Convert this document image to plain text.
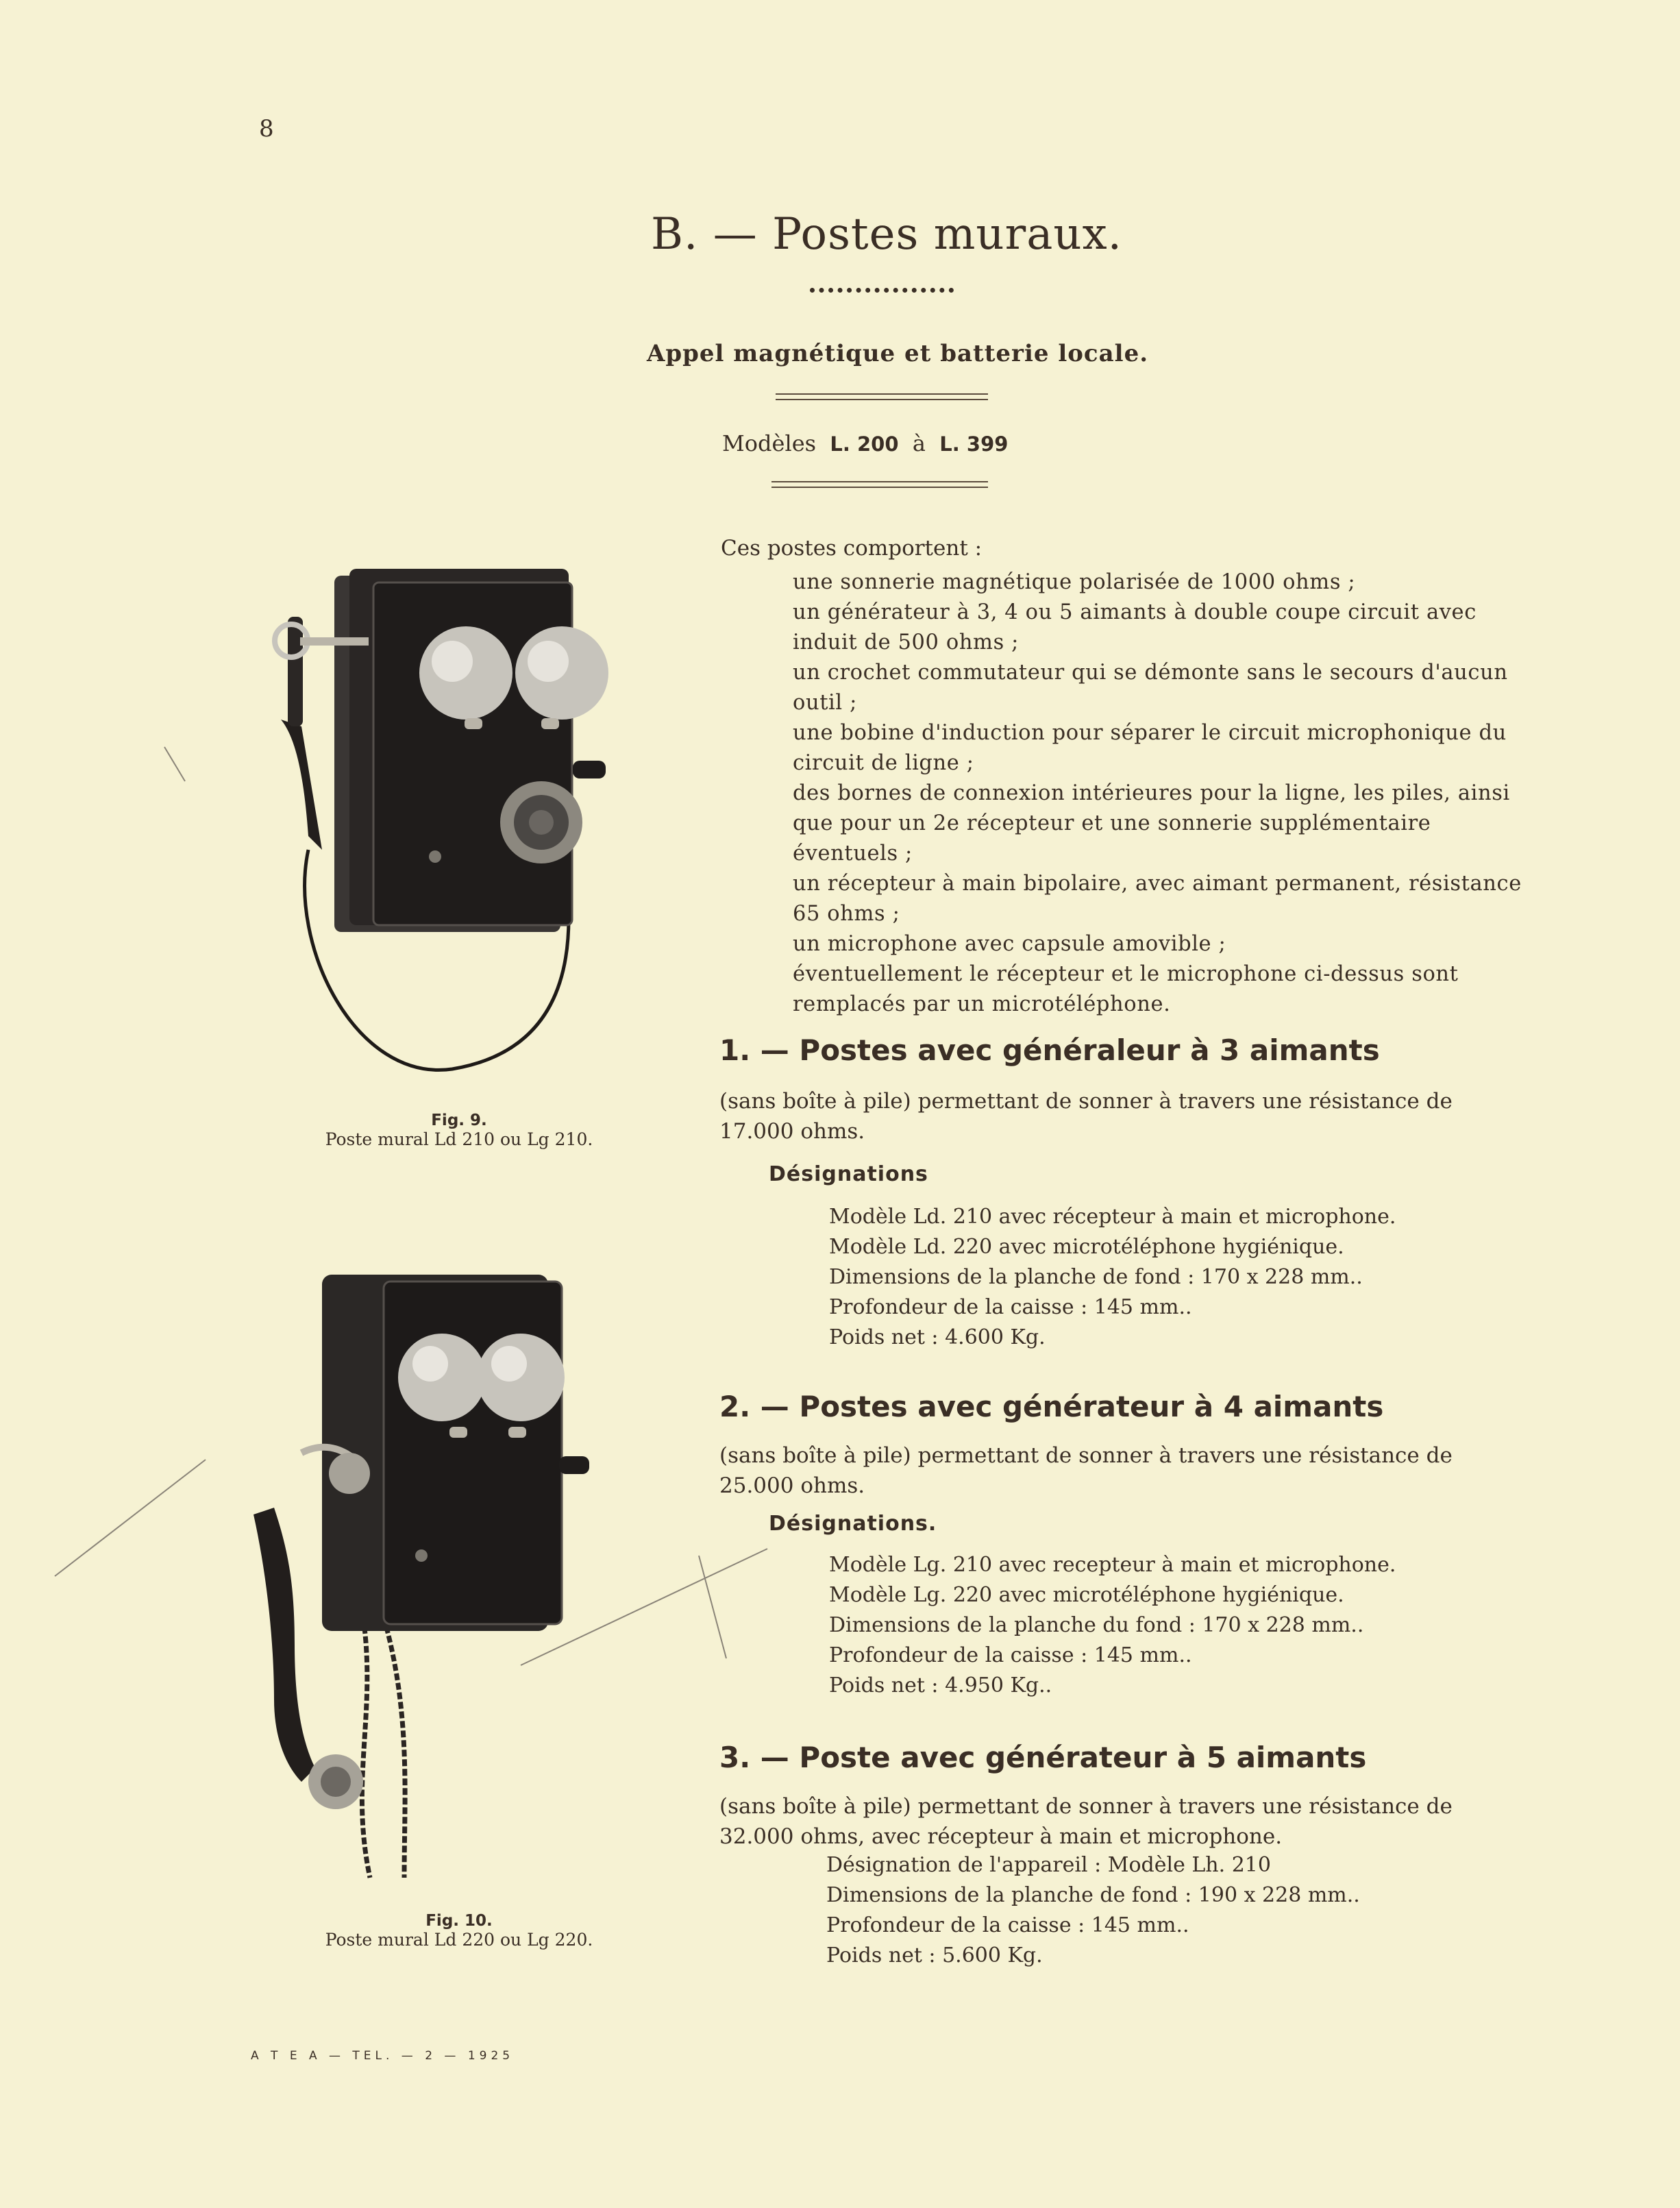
8
B. — Postes muraux.
Appel magnétique et batterie locale.
Modèles L. 200 à L. 399
Ces postes comportent :
une sonnerie magnétique polarisée de 1000 ohms ;
un générateur à 3, 4 ou 5 aimants à double coupe circuit avec
induit de 500 ohms ;
un crochet commutateur qui se démonte sans le secours d'aucun
outil ;
une bobine d'induction pour séparer le circuit microphonique du
circuit de ligne ;
des bornes de connexion intérieures pour la ligne, les piles, ainsi
que pour un 2e récepteur et une sonnerie supplémentaire éventuels ;
un récepteur à main bipolaire, avec aimant permanent, résistance
65 ohms ;
un microphone avec capsule amovible ;
éventuellement le récepteur et le microphone ci-dessus sont
remplacés par un microtéléphone.
1. — Postes avec généraleur à 3 aimants
(sans boîte à pile) permettant de sonner à travers une résistance de
17.000 ohms.
Désignations
Modèle Ld. 210 avec récepteur à main et microphone.
Modèle Ld. 220 avec microtéléphone hygiénique.
Dimensions de la planche de fond : 170 x 228 mm..
Profondeur de la caisse : 145 mm..
Poids net : 4.600 Kg.
2. — Postes avec générateur à 4 aimants
(sans boîte à pile) permettant de sonner à travers une résistance de
25.000 ohms.
Désignations.
Modèle Lg. 210 avec recepteur à main et microphone.
Modèle Lg. 220 avec microtéléphone hygiénique.
Dimensions de la planche du fond : 170 x 228 mm..
Profondeur de la caisse : 145 mm..
Poids net : 4.950 Kg..
3. — Poste avec générateur à 5 aimants
(sans boîte à pile) permettant de sonner à travers une résistance de
32.000 ohms, avec récepteur à main et microphone.
Désignation de l'appareil : Modèle Lh. 210
Dimensions de la planche de fond : 190 x 228 mm..
Profondeur de la caisse : 145 mm..
Poids net : 5.600 Kg.
Fig. 9.
Poste mural Ld 210 ou Lg 210.
Fig. 10.
Poste mural Ld 220 ou Lg 220.
A T E A — TEL. — 2 — 1925
